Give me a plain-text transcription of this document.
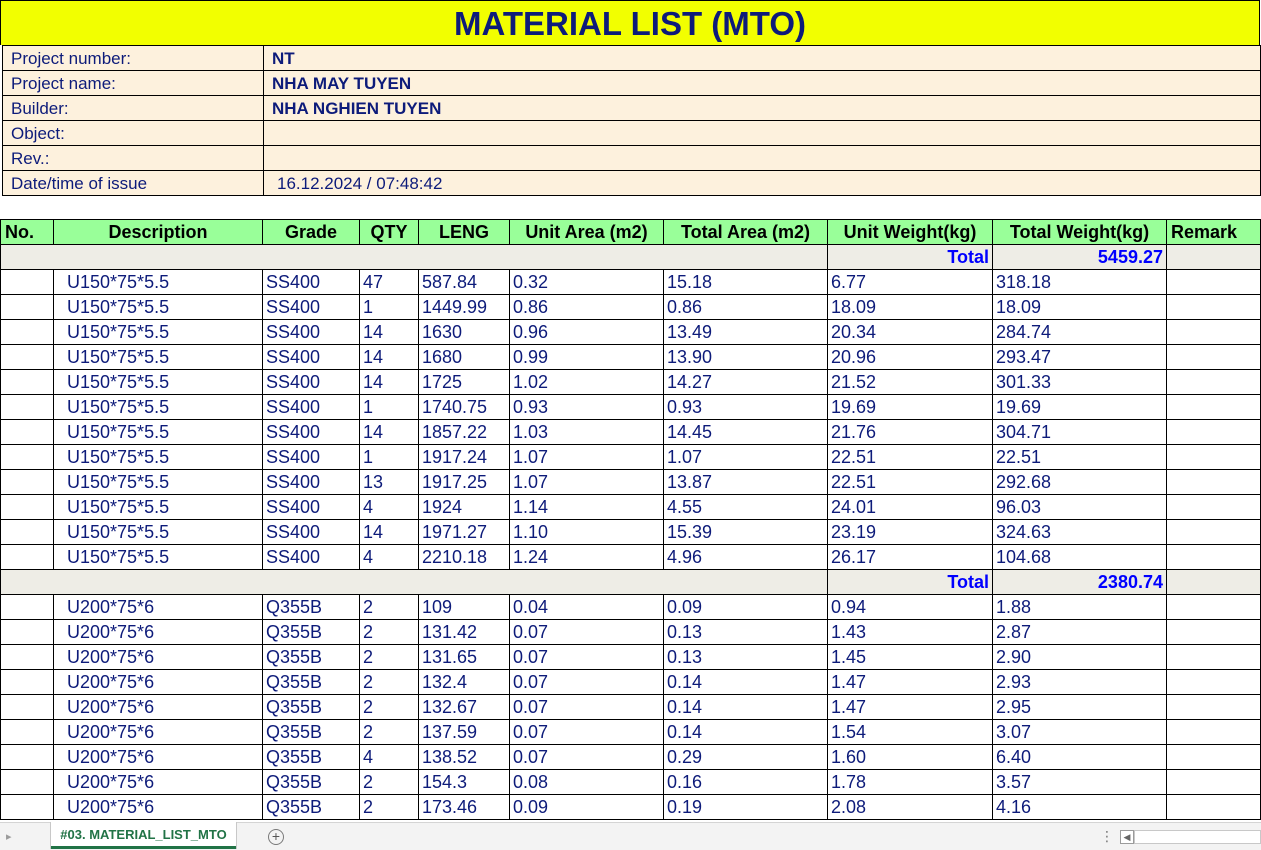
MATERIAL LIST (MTO)
Project number:	NT
Project name:	NHA MAY TUYEN
Builder:	NHA NGHIEN TUYEN
Object:	
Rev.:	
Date/time of issue	16.12.2024 / 07:48:42
No.	Description	Grade	QTY	LENG	Unit Area (m2)	Total Area (m2)	Unit Weight(kg)	Total Weight(kg)	Remark
							Total	5459.27	
	U150*75*5.5	SS400	47	587.84	0.32	15.18	6.77	318.18	
	U150*75*5.5	SS400	1	1449.99	0.86	0.86	18.09	18.09	
	U150*75*5.5	SS400	14	1630	0.96	13.49	20.34	284.74	
	U150*75*5.5	SS400	14	1680	0.99	13.90	20.96	293.47	
	U150*75*5.5	SS400	14	1725	1.02	14.27	21.52	301.33	
	U150*75*5.5	SS400	1	1740.75	0.93	0.93	19.69	19.69	
	U150*75*5.5	SS400	14	1857.22	1.03	14.45	21.76	304.71	
	U150*75*5.5	SS400	1	1917.24	1.07	1.07	22.51	22.51	
	U150*75*5.5	SS400	13	1917.25	1.07	13.87	22.51	292.68	
	U150*75*5.5	SS400	4	1924	1.14	4.55	24.01	96.03	
	U150*75*5.5	SS400	14	1971.27	1.10	15.39	23.19	324.63	
	U150*75*5.5	SS400	4	2210.18	1.24	4.96	26.17	104.68	
							Total	2380.74	
	U200*75*6	Q355B	2	109	0.04	0.09	0.94	1.88	
	U200*75*6	Q355B	2	131.42	0.07	0.13	1.43	2.87	
	U200*75*6	Q355B	2	131.65	0.07	0.13	1.45	2.90	
	U200*75*6	Q355B	2	132.4	0.07	0.14	1.47	2.93	
	U200*75*6	Q355B	2	132.67	0.07	0.14	1.47	2.95	
	U200*75*6	Q355B	2	137.59	0.07	0.14	1.54	3.07	
	U200*75*6	Q355B	4	138.52	0.07	0.29	1.60	6.40	
	U200*75*6	Q355B	2	154.3	0.08	0.16	1.78	3.57	
	U200*75*6	Q355B	2	173.46	0.09	0.19	2.08	4.16	
▸	#03. MATERIAL_LIST_MTO	+	⋮	◀
